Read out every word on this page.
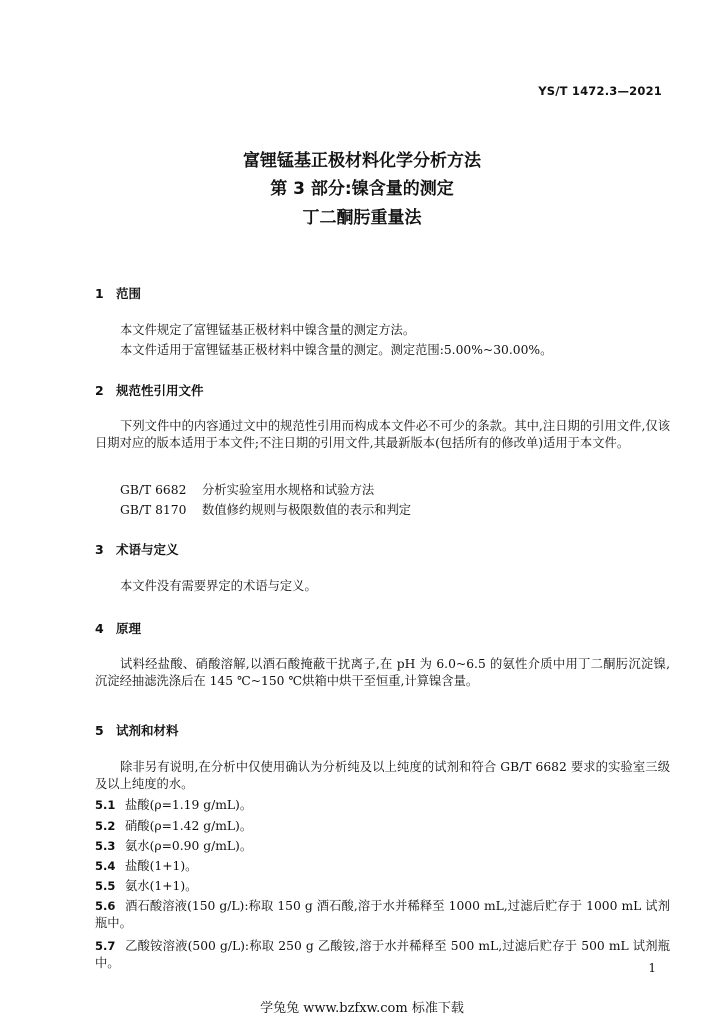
YS/T 1472.3—2021
富锂锰基正极材料化学分析方法
第 3 部分:镍含量的测定
丁二酮肟重量法
1 范围
本文件规定了富锂锰基正极材料中镍含量的测定方法。
本文件适用于富锂锰基正极材料中镍含量的测定。测定范围:5.00%~30.00%。
2 规范性引用文件
下列文件中的内容通过文中的规范性引用而构成本文件必不可少的条款。其中,注日期的引用文件,仅该日期对应的版本适用于本文件;不注日期的引用文件,其最新版本(包括所有的修改单)适用于本文件。
GB/T 6682 分析实验室用水规格和试验方法
GB/T 8170 数值修约规则与极限数值的表示和判定
3 术语与定义
本文件没有需要界定的术语与定义。
4 原理
试料经盐酸、硝酸溶解,以酒石酸掩蔽干扰离子,在 pH 为 6.0~6.5 的氨性介质中用丁二酮肟沉淀镍,沉淀经抽滤洗涤后在 145 ℃~150 ℃烘箱中烘干至恒重,计算镍含量。
5 试剂和材料
除非另有说明,在分析中仅使用确认为分析纯及以上纯度的试剂和符合 GB/T 6682 要求的实验室三级及以上纯度的水。
5.1 盐酸(ρ=1.19 g/mL)。
5.2 硝酸(ρ=1.42 g/mL)。
5.3 氨水(ρ=0.90 g/mL)。
5.4 盐酸(1+1)。
5.5 氨水(1+1)。
5.6 酒石酸溶液(150 g/L):称取 150 g 酒石酸,溶于水并稀释至 1000 mL,过滤后贮存于 1000 mL 试剂瓶中。
5.7 乙酸铵溶液(500 g/L):称取 250 g 乙酸铵,溶于水并稀释至 500 mL,过滤后贮存于 500 mL 试剂瓶中。	1
学兔兔 www.bzfxw.com 标准下载
